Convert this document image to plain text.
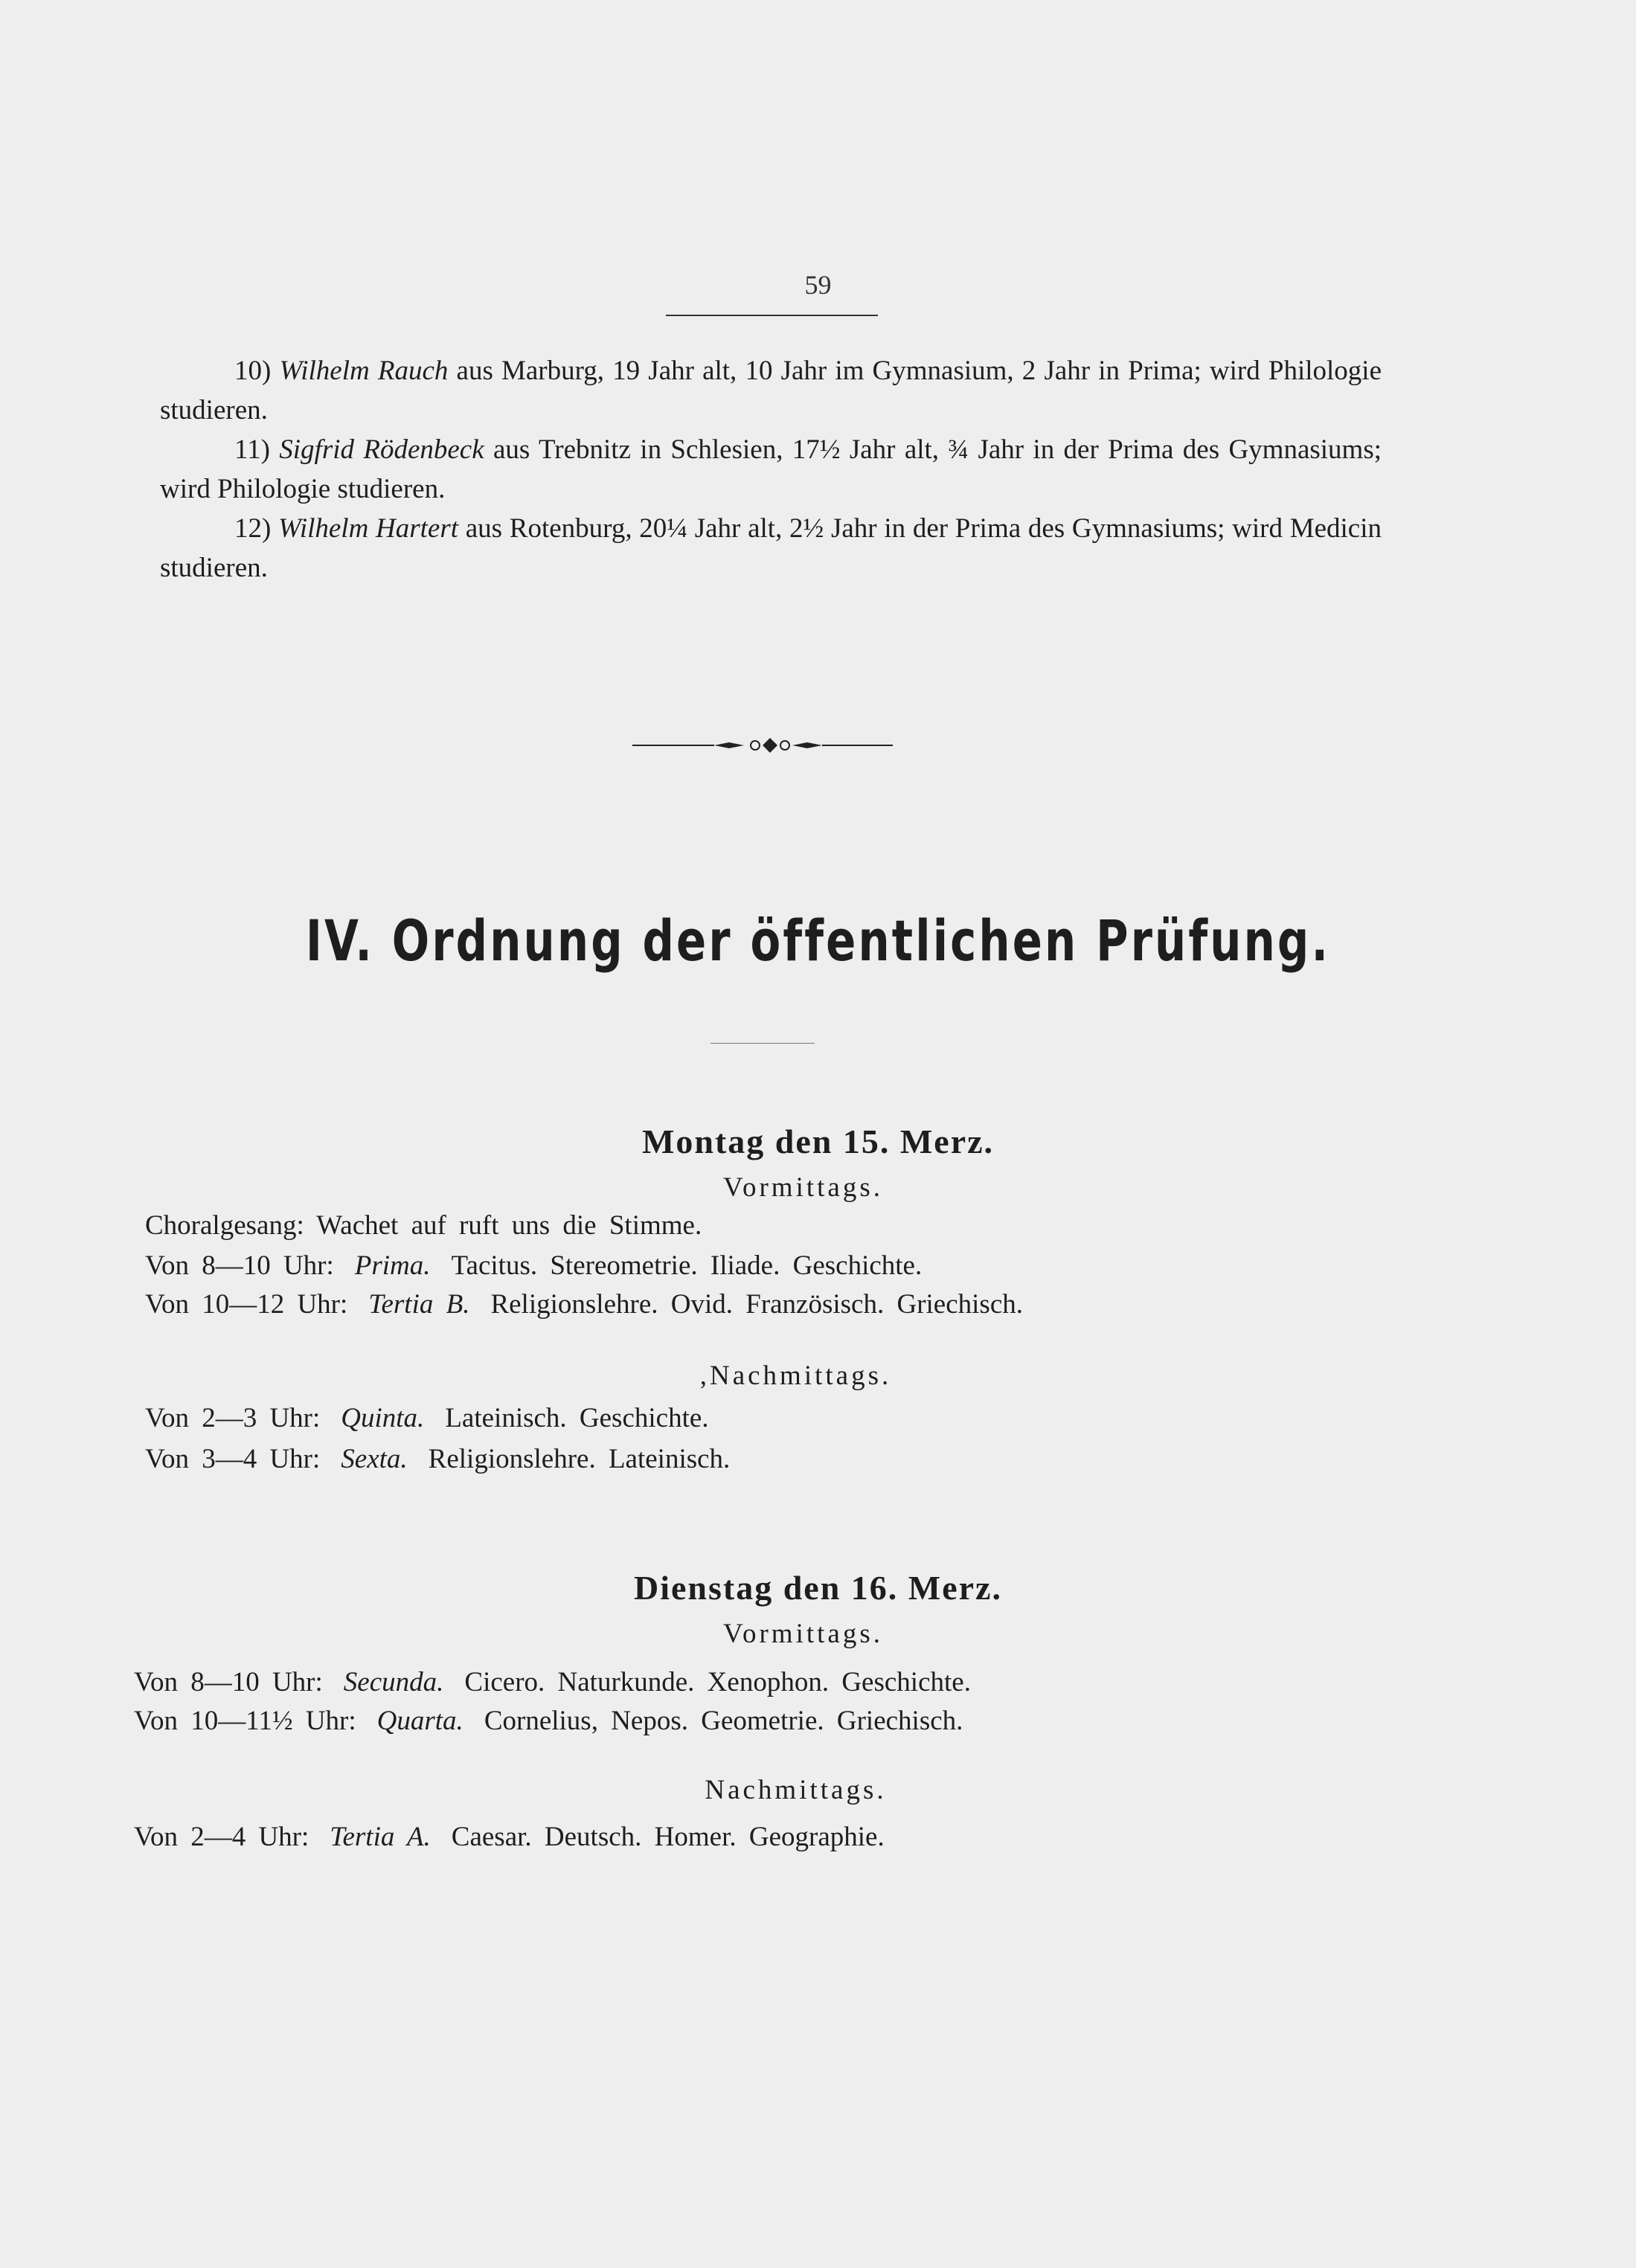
59

10) Wilhelm Rauch aus Marburg, 19 Jahr alt, 10 Jahr im Gymnasium, 2 Jahr in Prima; wird Philologie studieren.

11) Sigfrid Rödenbeck aus Trebnitz in Schlesien, 17½ Jahr alt, ¾ Jahr in der Prima des Gymnasiums; wird Philologie studieren.

12) Wilhelm Hartert aus Rotenburg, 20¼ Jahr alt, 2½ Jahr in der Prima des Gymnasiums; wird Medicin studieren.

IV. Ordnung der öffentlichen Prüfung.
Montag den 15. Merz.
Vormittags.
Choralgesang: Wachet auf ruft uns die Stimme.
Von 8—10 Uhr: Prima. Tacitus. Stereometrie. Iliade. Geschichte.
Von 10—12 Uhr: Tertia B. Religionslehre. Ovid. Französisch. Griechisch.
,Nachmittags.
Von 2—3 Uhr: Quinta. Lateinisch. Geschichte.
Von 3—4 Uhr: Sexta. Religionslehre. Lateinisch.
Dienstag den 16. Merz.
Vormittags.
Von 8—10 Uhr: Secunda. Cicero. Naturkunde. Xenophon. Geschichte.
Von 10—11½ Uhr: Quarta. Cornelius, Nepos. Geometrie. Griechisch.
Nachmittags.
Von 2—4 Uhr: Tertia A. Caesar. Deutsch. Homer. Geographie.
